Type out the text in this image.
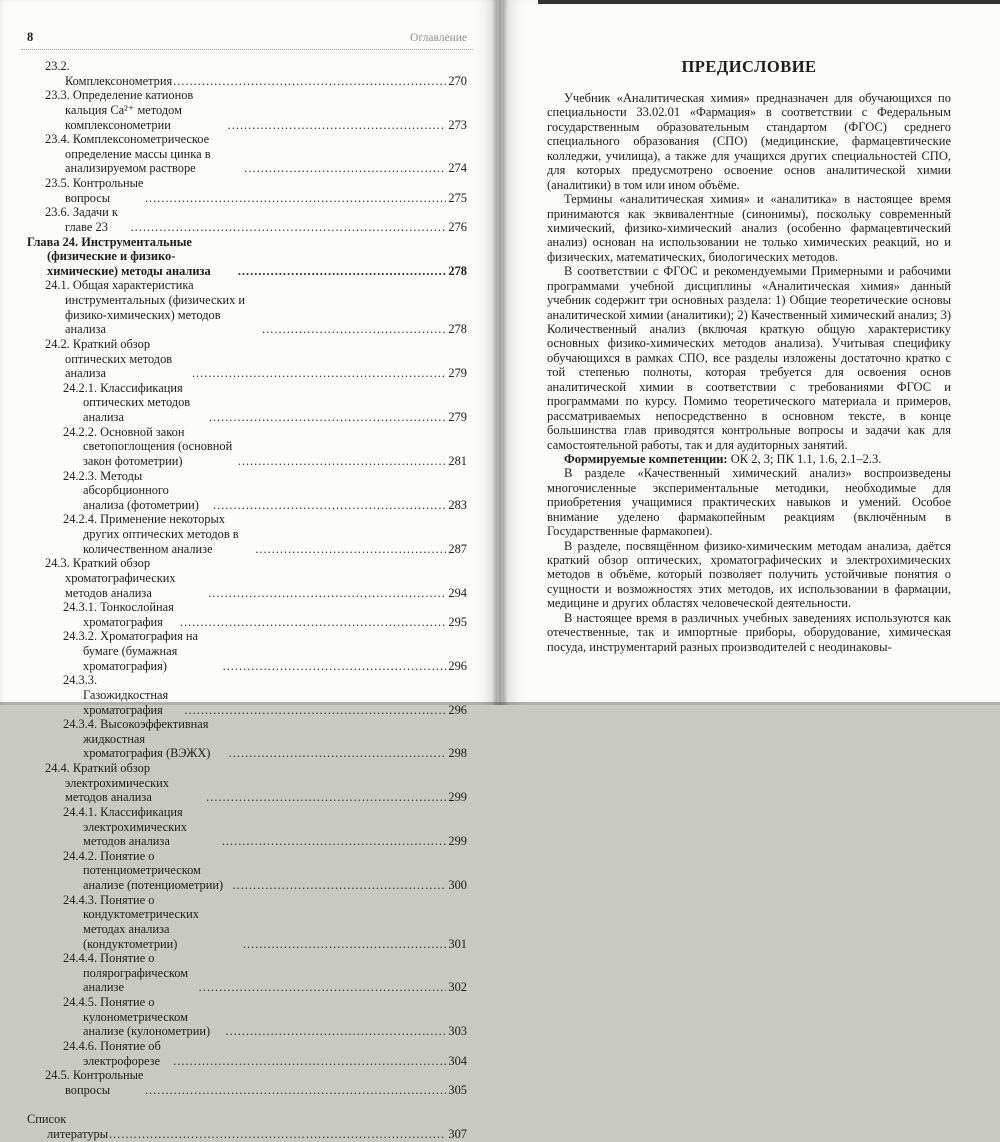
8	Оглавление
23.2. Комплексонометрия .....	270
23.3. Определение катионов кальция Ca²⁺ методом комплексонометрии .....	273
23.4. Комплексонометрическое определение массы цинка в анализируемом растворе .....	274
23.5. Контрольные вопросы .....	275
23.6. Задачи к главе 23 .....	276
Глава 24. Инструментальные (физические и физико-химические) методы анализа .....	278
24.1. Общая характеристика инструментальных (физических и физико-химических) методов анализа .....	278
24.2. Краткий обзор оптических методов анализа .....	279
24.2.1. Классификация оптических методов анализа .....	279
24.2.2. Основной закон светопоглощения (основной закон фотометрии) .....	281
24.2.3. Методы абсорбционного анализа (фотометрии) .....	283
24.2.4. Применение некоторых других оптических методов в количественном анализе .....	287
24.3. Краткий обзор хроматографических методов анализа .....	294
24.3.1. Тонкослойная хроматография .....	295
24.3.2. Хроматография на бумаге (бумажная хроматография) .....	296
24.3.3. Газожидкостная хроматография .....	296
24.3.4. Высокоэффективная жидкостная хроматография (ВЭЖХ) .....	298
24.4. Краткий обзор электрохимических методов анализа .....	299
24.4.1. Классификация электрохимических методов анализа .....	299
24.4.2. Понятие о потенциометрическом анализе (потенциометрии) .....	300
24.4.3. Понятие о кондуктометрических методах анализа (кондуктометрии) .....	301
24.4.4. Понятие о полярографическом анализе .....	302
24.4.5. Понятие о кулонометрическом анализе (кулонометрии) .....	303
24.4.6. Понятие об электрофорезе .....	304
24.5. Контрольные вопросы .....	305
Список литературы .....	307
ПРЕДИСЛОВИЕ

Учебник «Аналитическая химия» предназначен для обучающихся по специальности 33.02.01 «Фармация» в соответствии с Федеральным государственным образовательным стандартом (ФГОС) среднего специального образования (СПО) (медицинские, фармацевтические колледжи, училища), а также для учащихся других специальностей СПО, для которых предусмотрено освоение основ аналитической химии (аналитики) в том или ином объёме.

Термины «аналитическая химия» и «аналитика» в настоящее время принимаются как эквивалентные (синонимы), поскольку современный химический, физико-химический анализ (особенно фармацевтический анализ) основан на использовании не только химических реакций, но и физических, математических, биологических методов.

В соответствии с ФГОС и рекомендуемыми Примерными и рабочими программами учебной дисциплины «Аналитическая химия» данный учебник содержит три основных раздела: 1) Общие теоретические основы аналитической химии (аналитики); 2) Качественный химический анализ; 3) Количественный анализ (включая краткую общую характеристику основных физико-химических методов анализа). Учитывая специфику обучающихся в рамках СПО, все разделы изложены достаточно кратко с той степенью полноты, которая требуется для освоения основ аналитической химии в соответствии с требованиями ФГОС и программами по курсу. Помимо теоретического материала и примеров, рассматриваемых непосредственно в основном тексте, в конце большинства глав приводятся контрольные вопросы и задачи как для самостоятельной работы, так и для аудиторных занятий.

Формируемые компетенции: ОК 2, 3; ПК 1.1, 1.6, 2.1–2.3.

В разделе «Качественный химический анализ» воспроизведены многочисленные экспериментальные методики, необходимые для приобретения учащимися практических навыков и умений. Особое внимание уделено фармакопейным реакциям (включённым в Государственные фармакопеи).

В разделе, посвящённом физико-химическим методам анализа, даётся краткий обзор оптических, хроматографических и электрохимических методов в объёме, который позволяет получить устойчивые понятия о сущности и возможностях этих методов, их использовании в фармации, медицине и других областях человеческой деятельности.

В настоящее время в различных учебных заведениях используются как отечественные, так и импортные приборы, оборудование, химическая посуда, инструментарий разных производителей с неодинаковы-
